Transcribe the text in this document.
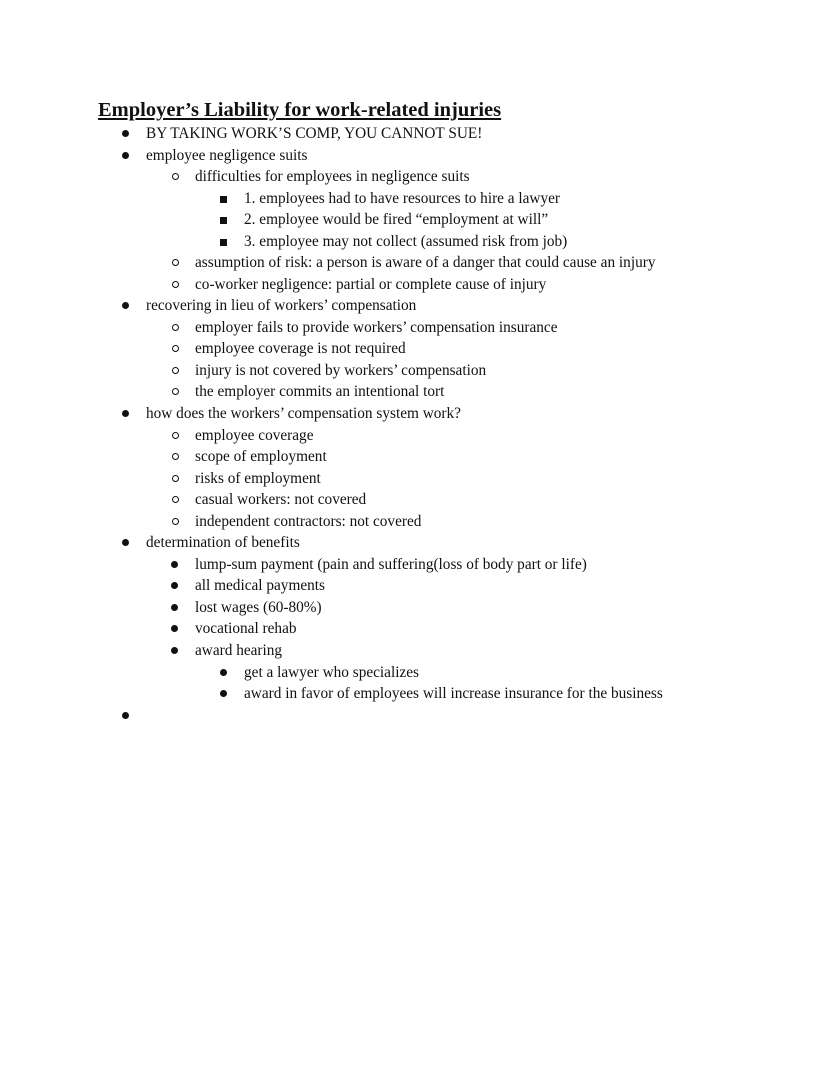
Employer’s Liability for work-related injuries
BY TAKING WORK’S COMP, YOU CANNOT SUE!
employee negligence suits
difficulties for employees in negligence suits
1. employees had to have resources to hire a lawyer
2. employee would be fired “employment at will”
3. employee may not collect (assumed risk from job)
assumption of risk: a person is aware of a danger that could cause an injury
co-worker negligence: partial or complete cause of injury
recovering in lieu of workers’ compensation
employer fails to provide workers’ compensation insurance
employee coverage is not required
injury is not covered by workers’ compensation
the employer commits an intentional tort
how does the workers’ compensation system work?
employee coverage
scope of employment
risks of employment
casual workers: not covered
independent contractors: not covered
determination of benefits
lump-sum payment (pain and suffering(loss of body part or life)
all medical payments
lost wages (60-80%)
vocational rehab
award hearing
get a lawyer who specializes
award in favor of employees will increase insurance for the business
